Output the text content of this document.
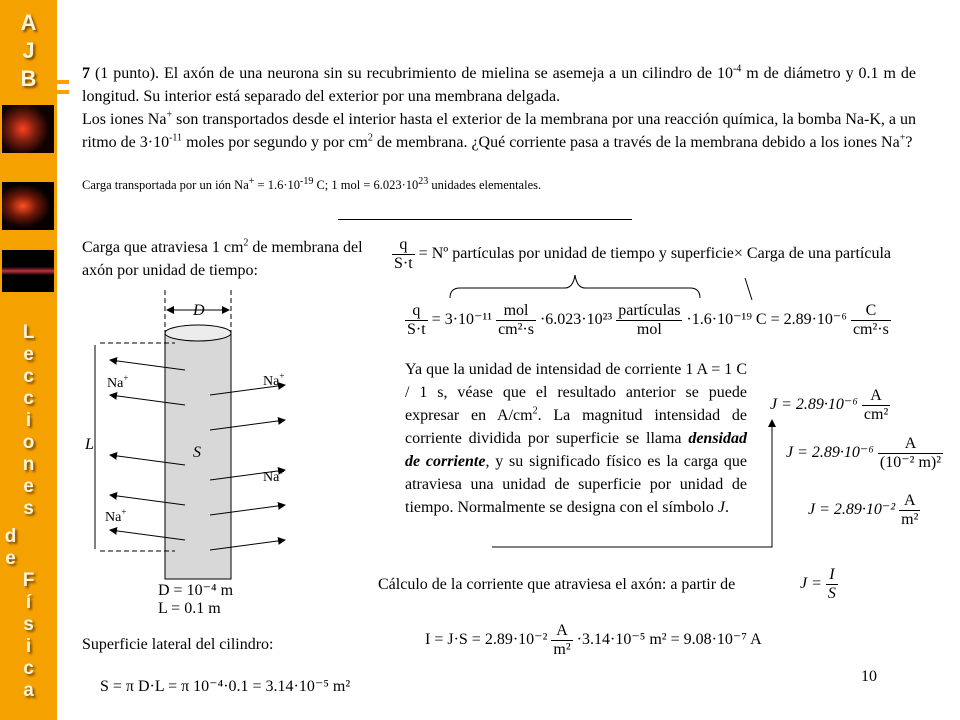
A
J
B
L
e
c
c
i
o
n
e
s
d
e
F
í
s
i
c
a
7 (1 punto). El axón de una neurona sin su recubrimiento de mielina se asemeja a un cilindro de $10^{-4}$ m de diámetro y 0.1 m de longitud. Su interior está separado del exterior por una membrana delgada.
Los iones Na+ son transportados desde el interior hasta el exterior de la membrana por una reacción química, la bomba Na-K, a un ritmo de $3\cdot 10^{-11}$ moles por segundo y por $cm^2$ de membrana. ¿Qué corriente pasa a través de la membrana debido a los iones Na+?
Carga transportada por un ión $Na^+ = 1.6\cdot 10^{-19}$ C; 1 mol = $6.023\cdot 10^{23}$ unidades elementales.
Carga que atraviesa 1 $cm^2$ de membrana del axón por unidad de tiempo:
D
L	S
Na+	Na+
Na+
Na+
D = 10⁻⁴ m
L = 0.1 m
Superficie lateral del cilindro:
S = π D·L = π 10⁻⁴·0.1 = 3.14·10⁻⁵ m²
$\frac{q}{S\cdot t}$ = Nº partículas por unidad de tiempo y superficie× Carga de una partícula
$\frac{q}{S\cdot t} = 3\cdot 10^{-11} \frac{\text{mol}}{\text{cm²·s}} \cdot 6.023\cdot 10^{23} \frac{\text{partículas}}{\text{mol}} \cdot 1.6\cdot 10^{-19}$ $C = 2.89\cdot 10^{-6} \frac{C}{\text{cm²·s}}$
Ya que la unidad de intensidad de corriente 1 A = 1 C / 1 s, véase que el resultado anterior se puede expresar en $A/cm^2$. La magnitud intensidad de corriente dividida por superficie se llama densidad de corriente, y su significado físico es la carga que atraviesa una unidad de superficie por unidad de tiempo. Normalmente se designa con el símbolo J.
$J = 2.89\cdot 10^{-6} \frac{A}{\text{cm²}}$
$J = 2.89\cdot 10^{-6} \frac{A}{\text{(10⁻² m)²}}$
$J = 2.89\cdot 10^{-2} \frac{A}{\text{m²}}$
Cálculo de la corriente que atraviesa el axón: a partir de	$J = \frac{I}{S}$
$I = J\cdot S = 2.89\cdot 10^{-2} \frac{A}{\text{m²}} \cdot 3.14\cdot 10^{-5}$ m² = 9.08·10⁻⁷ A
10
